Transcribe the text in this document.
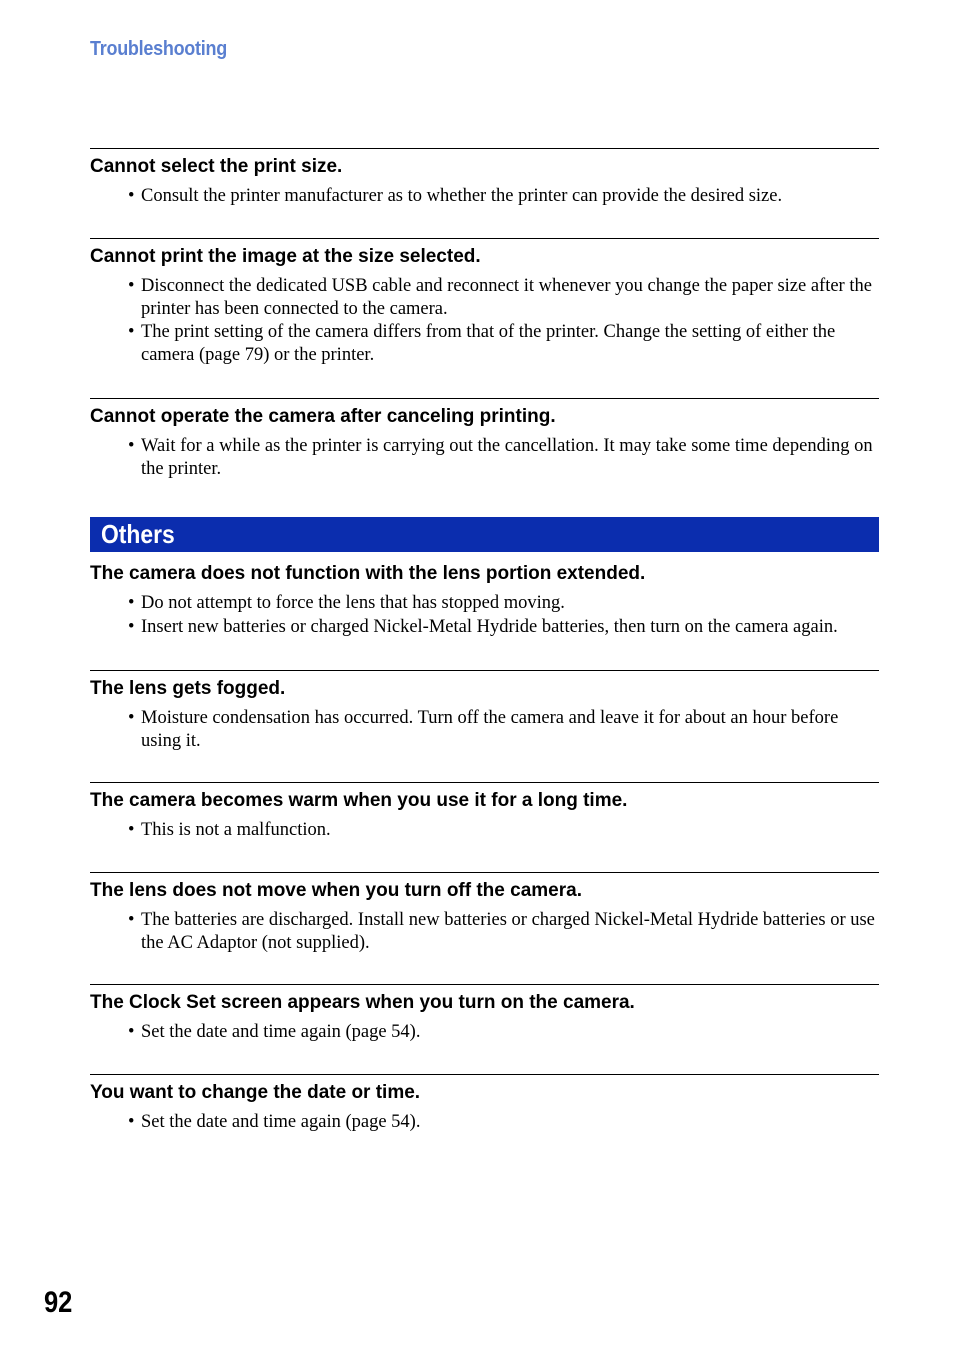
Troubleshooting
Cannot select the print size.
• Consult the printer manufacturer as to whether the printer can provide the desired size.
Cannot print the image at the size selected.
• Disconnect the dedicated USB cable and reconnect it whenever you change the paper size after the printer has been connected to the camera.
• The print setting of the camera differs from that of the printer. Change the setting of either the camera (page 79) or the printer.
Cannot operate the camera after canceling printing.
• Wait for a while as the printer is carrying out the cancellation. It may take some time depending on the printer.
Others
The camera does not function with the lens portion extended.
• Do not attempt to force the lens that has stopped moving.
• Insert new batteries or charged Nickel-Metal Hydride batteries, then turn on the camera again.
The lens gets fogged.
• Moisture condensation has occurred. Turn off the camera and leave it for about an hour before using it.
The camera becomes warm when you use it for a long time.
• This is not a malfunction.
The lens does not move when you turn off the camera.
• The batteries are discharged. Install new batteries or charged Nickel-Metal Hydride batteries or use the AC Adaptor (not supplied).
The Clock Set screen appears when you turn on the camera.
• Set the date and time again (page 54).
You want to change the date or time.
• Set the date and time again (page 54).
92
